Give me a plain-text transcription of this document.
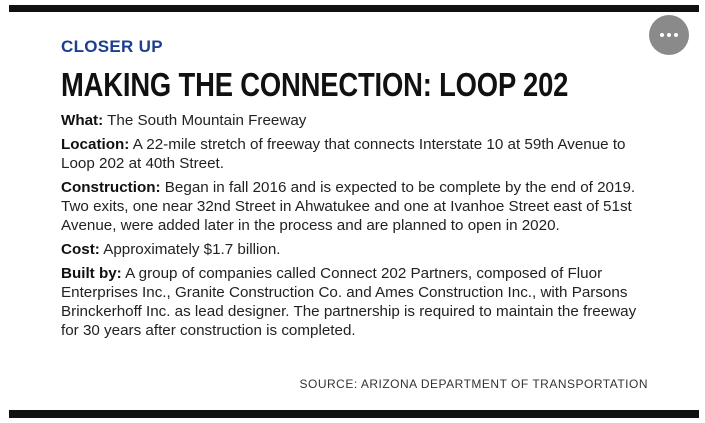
CLOSER UP

MAKING THE CONNECTION: LOOP 202

What: The South Mountain Freeway

Location: A 22-mile stretch of freeway that connects Interstate 10 at 59th Avenue to Loop 202 at 40th Street.

Construction: Began in fall 2016 and is expected to be complete by the end of 2019. Two exits, one near 32nd Street in Ahwatukee and one at Ivanhoe Street east of 51st Avenue, were added later in the process and are planned to open in 2020.

Cost: Approximately $1.7 billion.

Built by: A group of companies called Connect 202 Partners, composed of Fluor Enterprises Inc., Granite Construction Co. and Ames Construction Inc., with Parsons Brinckerhoff Inc. as lead designer. The partnership is required to maintain the freeway for 30 years after construction is completed.

SOURCE: ARIZONA DEPARTMENT OF TRANSPORTATION
